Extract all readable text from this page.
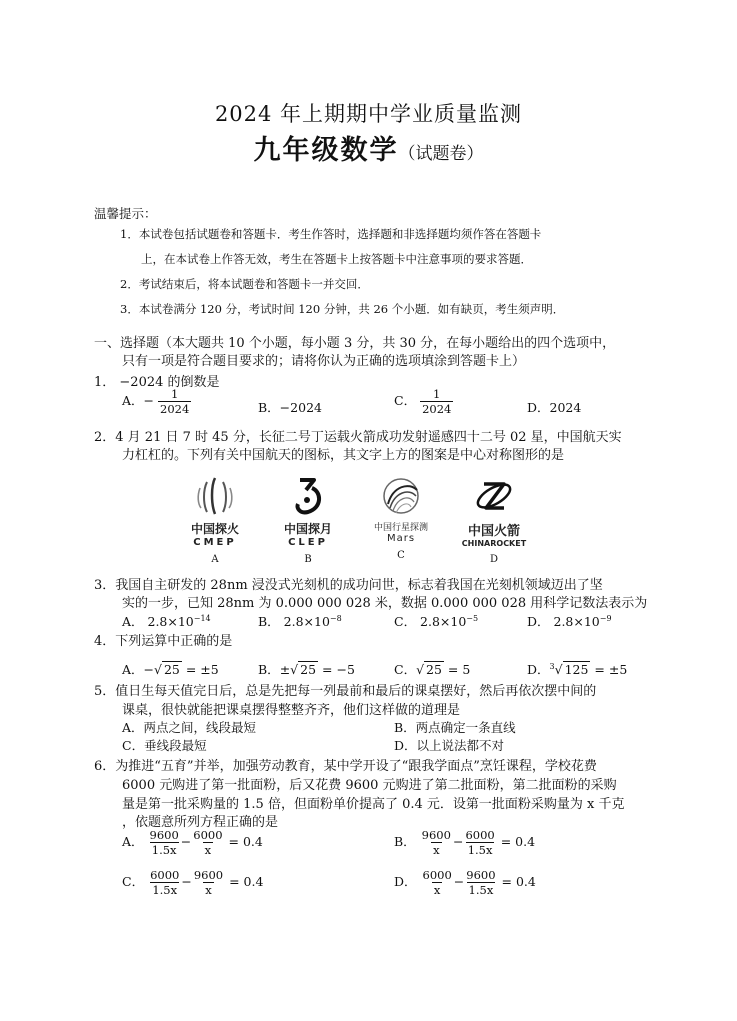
2024 年上期期中学业质量监测
九年级数学（试题卷）
温馨提示：
1．本试卷包括试题卷和答题卡．考生作答时，选择题和非选择题均须作答在答题卡
上，在本试卷上作答无效，考生在答题卡上按答题卡中注意事项的要求答题．
2．考试结束后，将本试题卷和答题卡一并交回．
3．本试卷满分 120 分，考试时间 120 分钟，共 26 个小题．如有缺页，考生须声明．
一、选择题（本大题共 10 个小题，每小题 3 分，共 30 分，在每小题给出的四个选项中，
只有一项是符合题目要求的；请将你认为正确的选项填涂到答题卡上）
1． −2024 的倒数是
A．− $\frac{1}{2024}$	B．−2024	C． $\frac{1}{2024}$	D．2024
2．4 月 21 日 7 时 45 分，长征二号丁运载火箭成功发射遥感四十二号 02 星，中国航天实
力杠杠的。下列有关中国航天的图标，其文字上方的图案是中心对称图形的是
中国探火
CMEP
A
中国探月
CLEP
B
中国行星探测
Mars
C
中国火箭
CHINAROCKET
D
3．我国自主研发的 28nm 浸没式光刻机的成功问世，标志着我国在光刻机领域迈出了坚
实的一步，已知 28nm 为 0.000 000 028 米，数据 0.000 000 028 用科学记数法表示为
A． $2.8\times 10^{-14}$	B． $2.8\times 10^{-8}$	C． $2.8\times 10^{-5}$	D． $2.8\times 10^{-9}$
4．下列运算中正确的是
A．−√ 25 = ±5	B．±√ 25 = −5	C．√ 25 = 5	D．$^3$√ 125 = ±5
5．值日生每天值完日后，总是先把每一列最前和最后的课桌摆好，然后再依次摆中间的
课桌，很快就能把课桌摆得整整齐齐，他们这样做的道理是
A．两点之间，线段最短	B．两点确定一条直线
C．垂线段最短	D．以上说法都不对
6．为推进“五育”并举，加强劳动教育，某中学开设了“跟我学面点”烹饪课程，学校花费
6000 元购进了第一批面粉，后又花费 9600 元购进了第二批面粉，第二批面粉的采购
量是第一批采购量的 1.5 倍，但面粉单价提高了 0.4 元．设第一批面粉采购量为 x 千克
，依题意所列方程正确的是
A． $\frac{9600}{1.5x} - \frac{6000}{x} = 0.4$	B． $\frac{9600}{x} - \frac{6000}{1.5x} = 0.4$
C． $\frac{6000}{1.5x} - \frac{9600}{x} = 0.4$	D． $\frac{6000}{x} - \frac{9600}{1.5x} = 0.4$
